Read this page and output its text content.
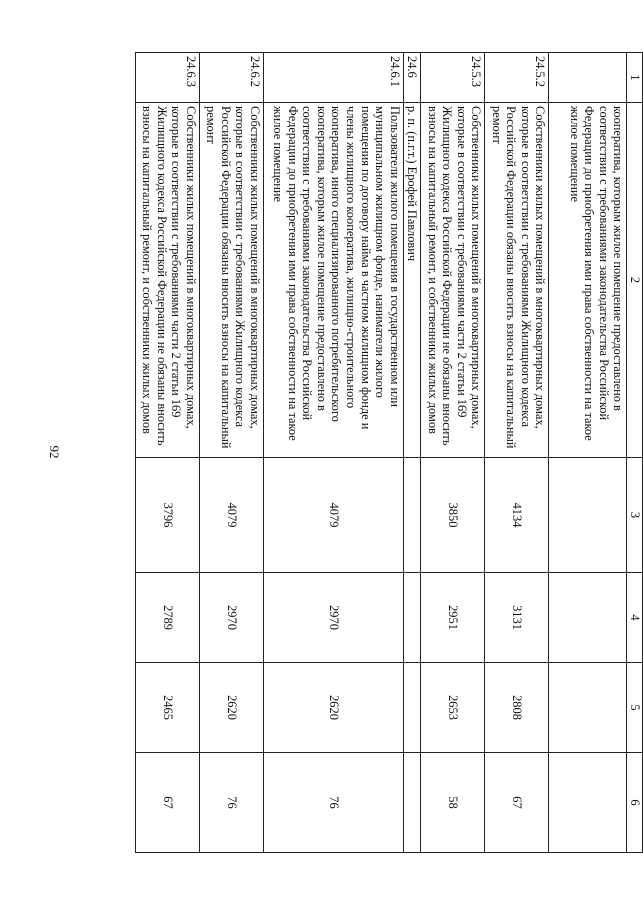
92
1	2	3	4	5	6
	кооператива, которым жилое помещение предоставлено в соответствии с требованиями законодательства Российской Федерации до приобретения ими права собственности на такое жилое помещение				
24.5.2	Собственники жилых помещений в многоквартирных домах, которые в соответствии с требованиями Жилищного кодекса Российской Федерации обязаны вносить взносы на капитальный ремонт	4134	3131	2808	67
24.5.3	Собственники жилых помещений в многоквартирных домах, которые в соответствии с требованиями части 2 статьи 169 Жилищного кодекса Российской Федерации не обязаны вносить взносы на капитальный ремонт, и собственники жилых домов	3850	2951	2653	58
24.6	р. п. (п.г.т.) Ерофей Павлович				
24.6.1	Пользователи жилого помещения в государственном или муниципальном жилищном фонде, наниматели жилого помещения по договору найма в частном жилищном фонде и члены жилищного кооператива, жилищно-строительного кооператива, иного специализированного потребительского кооператива, которым жилое помещение предоставлено в соответствии с требованиями законодательства Российской Федерации до приобретения ими права собственности на такое жилое помещение	4079	2970	2620	76
24.6.2	Собственники жилых помещений в многоквартирных домах, которые в соответствии с требованиями Жилищного кодекса Российской Федерации обязаны вносить взносы на капитальный ремонт	4079	2970	2620	76
24.6.3	Собственники жилых помещений в многоквартирных домах, которые в соответствии с требованиями части 2 статьи 169 Жилищного кодекса Российской Федерации не обязаны вносить взносы на капитальный ремонт, и собственники жилых домов	3796	2789	2465	67
